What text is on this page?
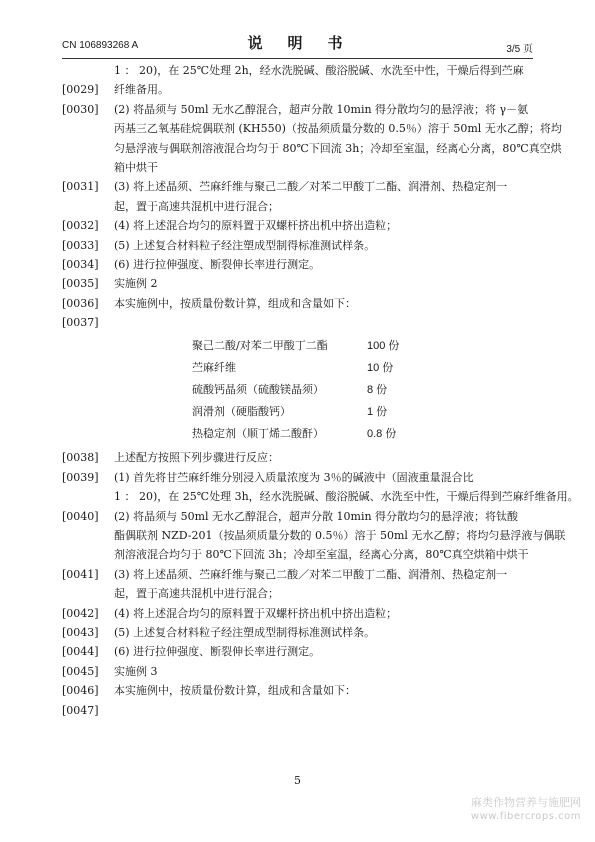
CN 106893268 A	说　明　书	3/5 页
1 ： 20)，在 25℃处理 2h，经水洗脱碱、酸浴脱碱、水洗至中性，干燥后得到苎麻
[0029] 纤维备用。
[0030] (2) 将晶须与 50ml 无水乙醇混合，超声分散 10min 得分散均匀的悬浮液；将 γ－氨
丙基三乙氧基硅烷偶联剂 (KH550)（按晶须质量分数的 0.5％）溶于 50ml 无水乙醇；将均
匀悬浮液与偶联剂溶液混合均匀于 80℃下回流 3h；冷却至室温，经离心分离，80℃真空烘
箱中烘干
[0031] (3) 将上述晶须、苎麻纤维与聚己二酸／对苯二甲酸丁二酯、润滑剂、热稳定剂一
起，置于高速共混机中进行混合；
[0032] (4) 将上述混合均匀的原料置于双螺杆挤出机中挤出造粒；
[0033] (5) 上述复合材料粒子经注塑成型制得标准测试样条。
[0034] (6) 进行拉伸强度、断裂伸长率进行测定。
[0035] 实施例 2
[0036] 本实施例中，按质量份数计算，组成和含量如下：
[0037]
聚己二酸/对苯二甲酸丁二酯	100 份
苎麻纤维	10 份
硫酸钙晶须（硫酸镁晶须）	8 份
润滑剂（硬脂酸钙）	1 份
热稳定剂（顺丁烯二酸酐）	0.8 份
[0038] 上述配方按照下列步骤进行反应：
[0039] (1) 首先将甘苎麻纤维分别浸入质量浓度为 3％的碱液中（固液重量混合比
1 ： 20)，在 25℃处理 3h，经水洗脱碱、酸浴脱碱、水洗至中性，干燥后得到苎麻纤维备用。
[0040] (2) 将晶须与 50ml 无水乙醇混合，超声分散 10min 得分散均匀的悬浮液；将钛酸
酯偶联剂 NZD-201（按晶须质量分数的 0.5％）溶于 50ml 无水乙醇；将均匀悬浮液与偶联
剂溶液混合均匀于 80℃下回流 3h；冷却至室温，经离心分离，80℃真空烘箱中烘干
[0041] (3) 将上述晶须、苎麻纤维与聚己二酸／对苯二甲酸丁二酯、润滑剂、热稳定剂一
起，置于高速共混机中进行混合；
[0042] (4) 将上述混合均匀的原料置于双螺杆挤出机中挤出造粒；
[0043] (5) 上述复合材料粒子经注塑成型制得标准测试样条。
[0044] (6) 进行拉伸强度、断裂伸长率进行测定。
[0045] 实施例 3
[0046] 本实施例中，按质量份数计算，组成和含量如下：
[0047]
5
麻类作物营养与施肥网
www.fibercrops.com
